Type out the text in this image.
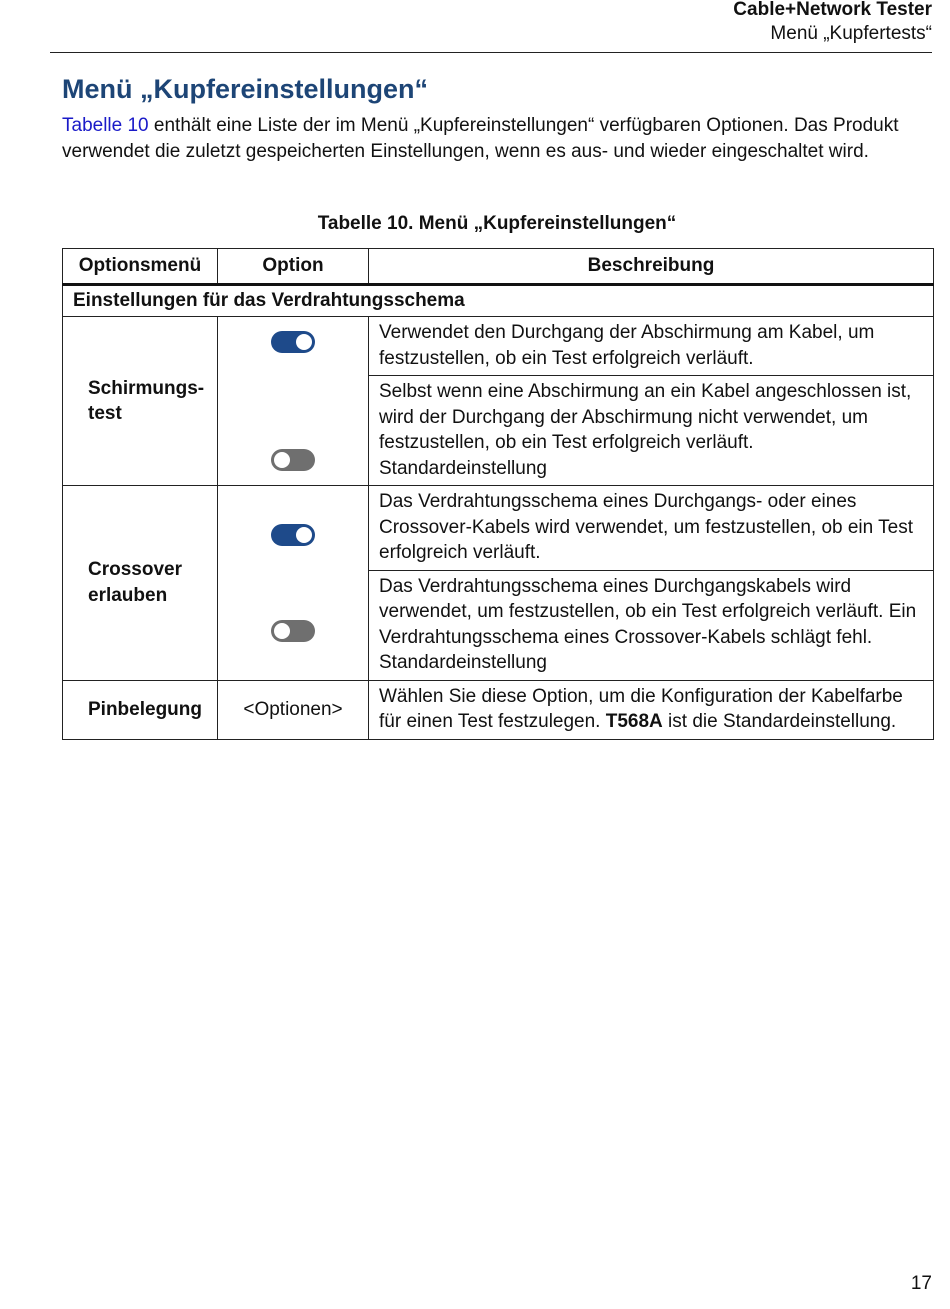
Cable+Network Tester
Menü „Kupfertests“
Menü „Kupfereinstellungen“

Tabelle 10 enthält eine Liste der im Menü „Kupfereinstellungen“ verfügbaren Optionen. Das Produkt verwendet die zuletzt gespeicherten Einstellungen, wenn es aus- und wieder eingeschaltet wird.

Tabelle 10. Menü „Kupfereinstellungen“
Optionsmenü	Option	Beschreibung
Einstellungen für das Verdrahtungsschema		
Schirmungs-
test		Verwendet den Durchgang der Abschirmung am Kabel, um festzustellen, ob ein Test erfolgreich verläuft.
		Selbst wenn eine Abschirmung an ein Kabel angeschlossen ist, wird der Durchgang der Abschirmung nicht verwendet, um festzustellen, ob ein Test erfolgreich verläuft. Standardeinstellung
Crossover
erlauben		Das Verdrahtungsschema eines Durchgangs- oder eines Crossover-Kabels wird verwendet, um festzustellen, ob ein Test erfolgreich verläuft.
		Das Verdrahtungsschema eines Durchgangskabels wird verwendet, um festzustellen, ob ein Test erfolgreich verläuft. Ein Verdrahtungsschema eines Crossover-Kabels schlägt fehl. Standardeinstellung
Pinbelegung	<Optionen>	Wählen Sie diese Option, um die Konfiguration der Kabelfarbe für einen Test festzulegen. T568A ist die Standardeinstellung.
17
